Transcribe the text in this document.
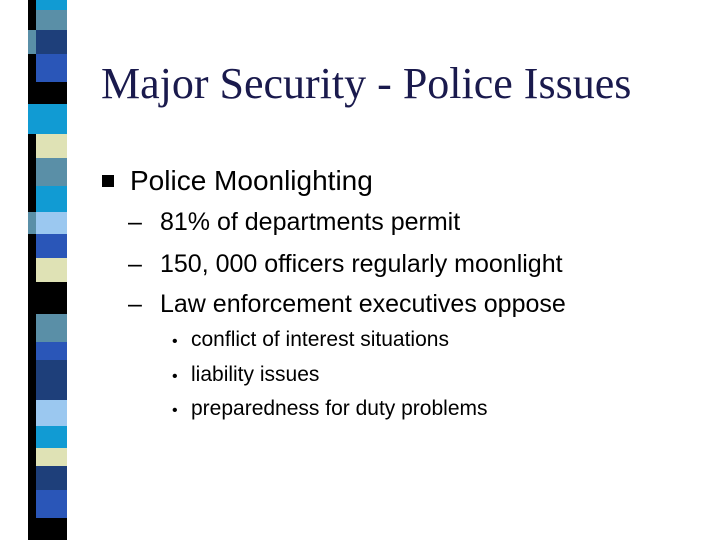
Major Security - Police Issues
Police Moonlighting
– 81% of departments permit
– 150, 000 officers regularly moonlight
– Law enforcement executives oppose
• conflict of interest situations
• liability issues
• preparedness for duty problems
